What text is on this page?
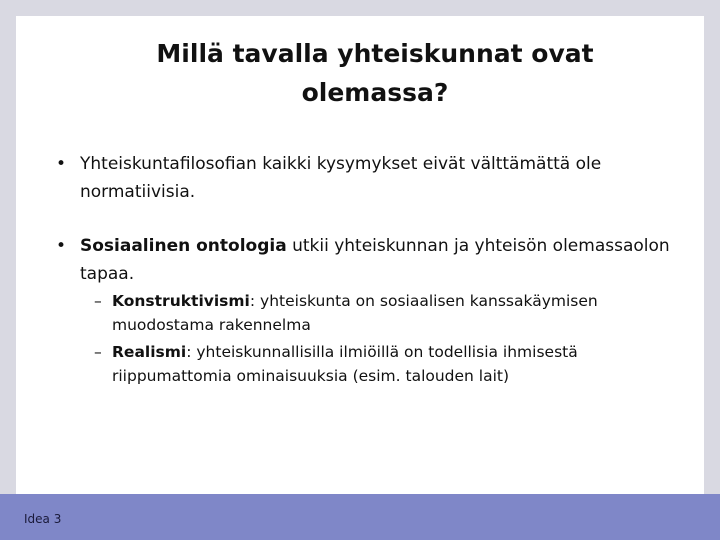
Millä tavalla yhteiskunnat ovat
olemassa?
• Yhteiskuntafilosofian kaikki kysymykset eivät välttämättä ole normatiivisia.
• Sosiaalinen ontologia utkii yhteiskunnan ja yhteisön olemassaolon tapaa.
– Konstruktivismi: yhteiskunta on sosiaalisen kanssakäymisen muodostama rakennelma
– Realismi: yhteiskunnallisilla ilmiöillä on todellisia ihmisestä riippumattomia ominaisuuksia (esim. talouden lait)
Idea 3
